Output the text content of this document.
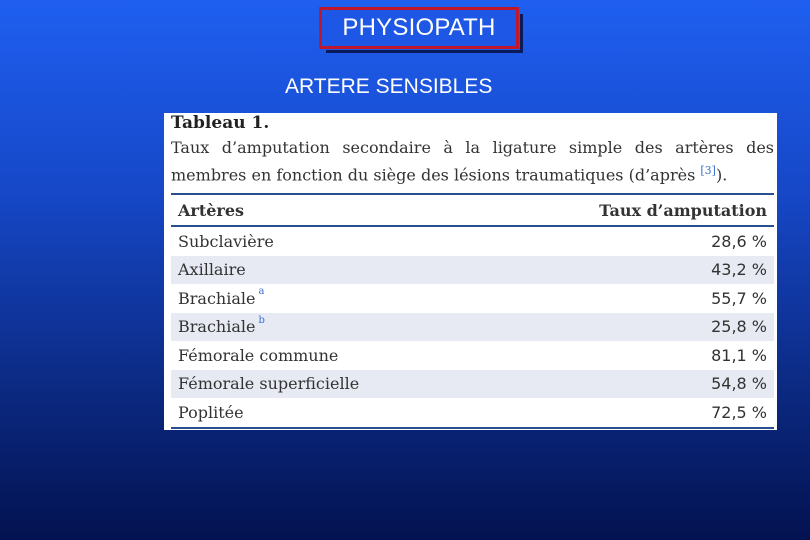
PHYSIOPATH
ARTERE SENSIBLES
Tableau 1.
Taux d’amputation secondaire à la ligature simple des artères des membres en fonction du siège des lésions traumatiques (d’après [3]).
Artères	Taux d’amputation
Subclavière	28,6 %
Axillaire	43,2 %
Brachiale $^a$	55,7 %
Brachiale $^b$	25,8 %
Fémorale commune	81,1 %
Fémorale superficielle	54,8 %
Poplitée	72,5 %
